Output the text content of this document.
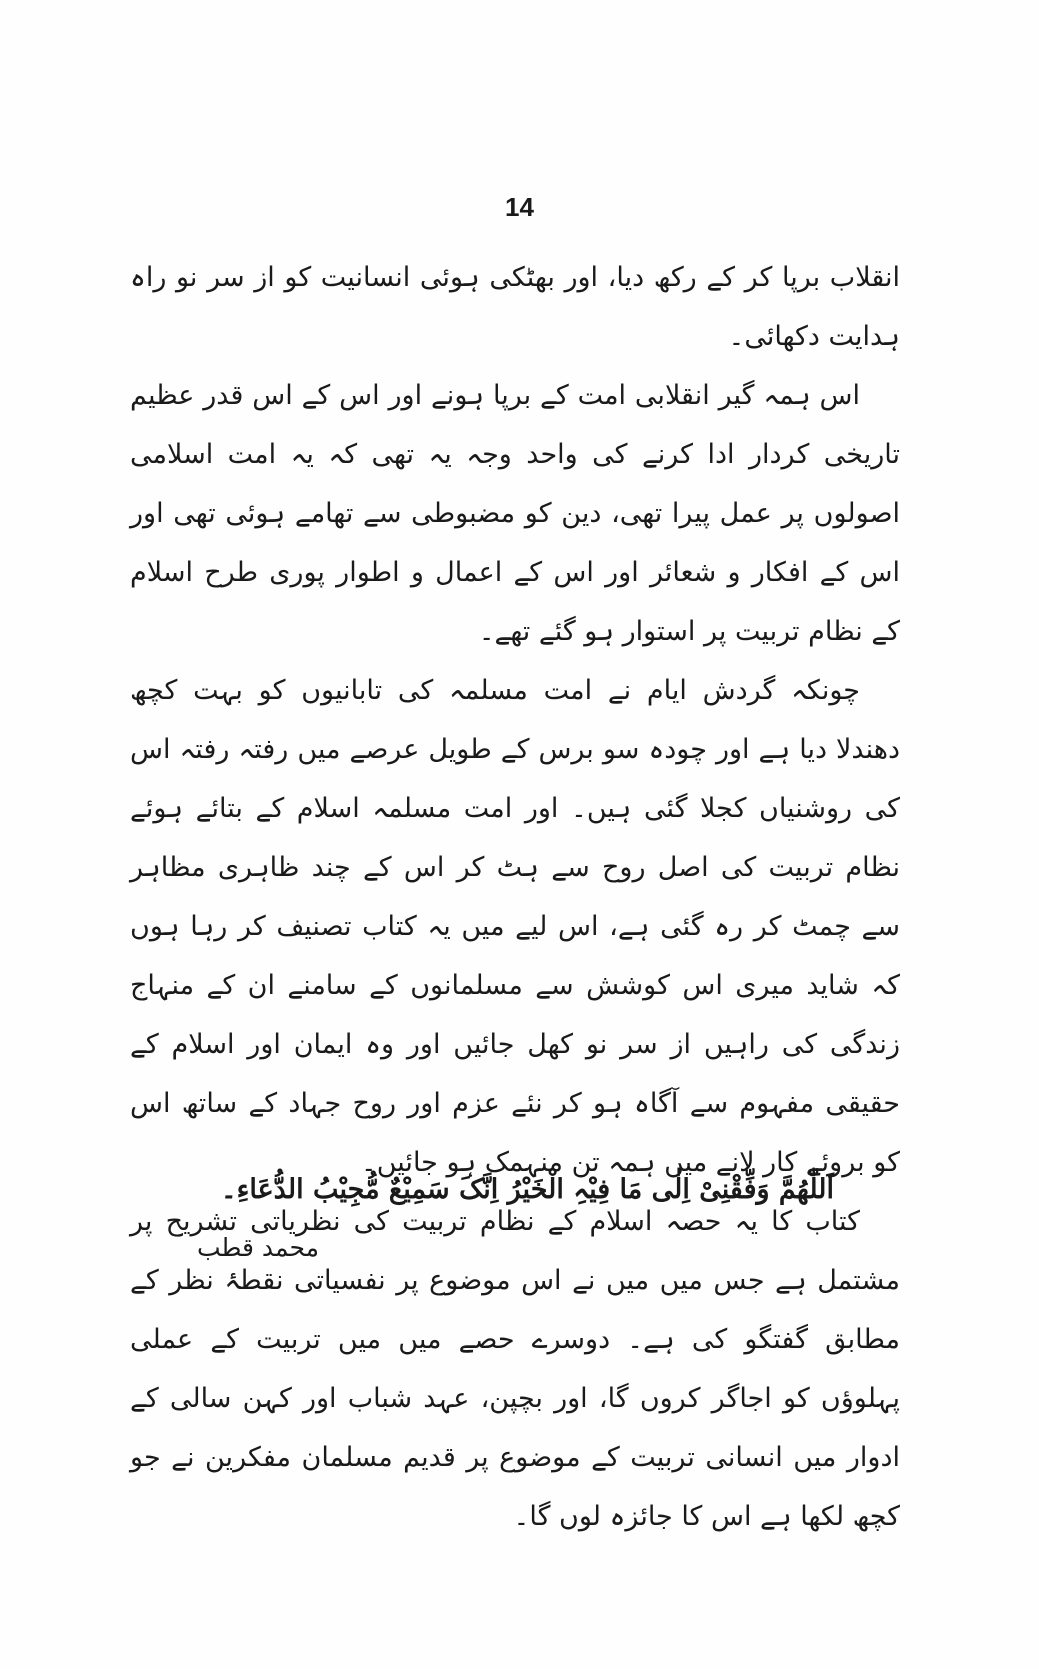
14

انقلاب برپا کر کے رکھ دیا، اور بھٹکی ہوئی انسانیت کو از سر نو راہ ہدایت دکھائی۔

اس ہمہ گیر انقلابی امت کے برپا ہونے اور اس کے اس قدر عظیم تاریخی کردار ادا کرنے کی واحد وجہ یہ تھی کہ یہ امت اسلامی اصولوں پر عمل پیرا تھی، دین کو مضبوطی سے تھامے ہوئی تھی اور اس کے افکار و شعائر اور اس کے اعمال و اطوار پوری طرح اسلام کے نظام تربیت پر استوار ہو گئے تھے۔

چونکہ گردش ایام نے امت مسلمہ کی تابانیوں کو بہت کچھ دھندلا دیا ہے اور چودہ سو برس کے طویل عرصے میں رفتہ رفتہ اس کی روشنیاں کجلا گئی ہیں۔ اور امت مسلمہ اسلام کے بتائے ہوئے نظام تربیت کی اصل روح سے ہٹ کر اس کے چند ظاہری مظاہر سے چمٹ کر رہ گئی ہے، اس لیے میں یہ کتاب تصنیف کر رہا ہوں کہ شاید میری اس کوشش سے مسلمانوں کے سامنے ان کے منہاج زندگی کی راہیں از سر نو کھل جائیں اور وہ ایمان اور اسلام کے حقیقی مفہوم سے آگاہ ہو کر نئے عزم اور روح جہاد کے ساتھ اس کو بروئے کار لانے میں ہمہ تن منہمک ہو جائیں۔

کتاب کا یہ حصہ اسلام کے نظام تربیت کی نظریاتی تشریح پر مشتمل ہے جس میں میں نے اس موضوع پر نفسیاتی نقطۂ نظر کے مطابق گفتگو کی ہے۔ دوسرے حصے میں میں تربیت کے عملی پہلوؤں کو اجاگر کروں گا، اور بچپن، عہد شباب اور کہن سالی کے ادوار میں انسانی تربیت کے موضوع پر قدیم مسلمان مفکرین نے جو کچھ لکھا ہے اس کا جائزہ لوں گا۔

اَللّٰھُمَّ وَفِّقْنِیْ اِلٰی مَا فِیْہِ الْخَیْرُ اِنَّکَ سَمِیْعٌ مُّجِیْبُ الدُّعَاءِ۔
محمد قطب
